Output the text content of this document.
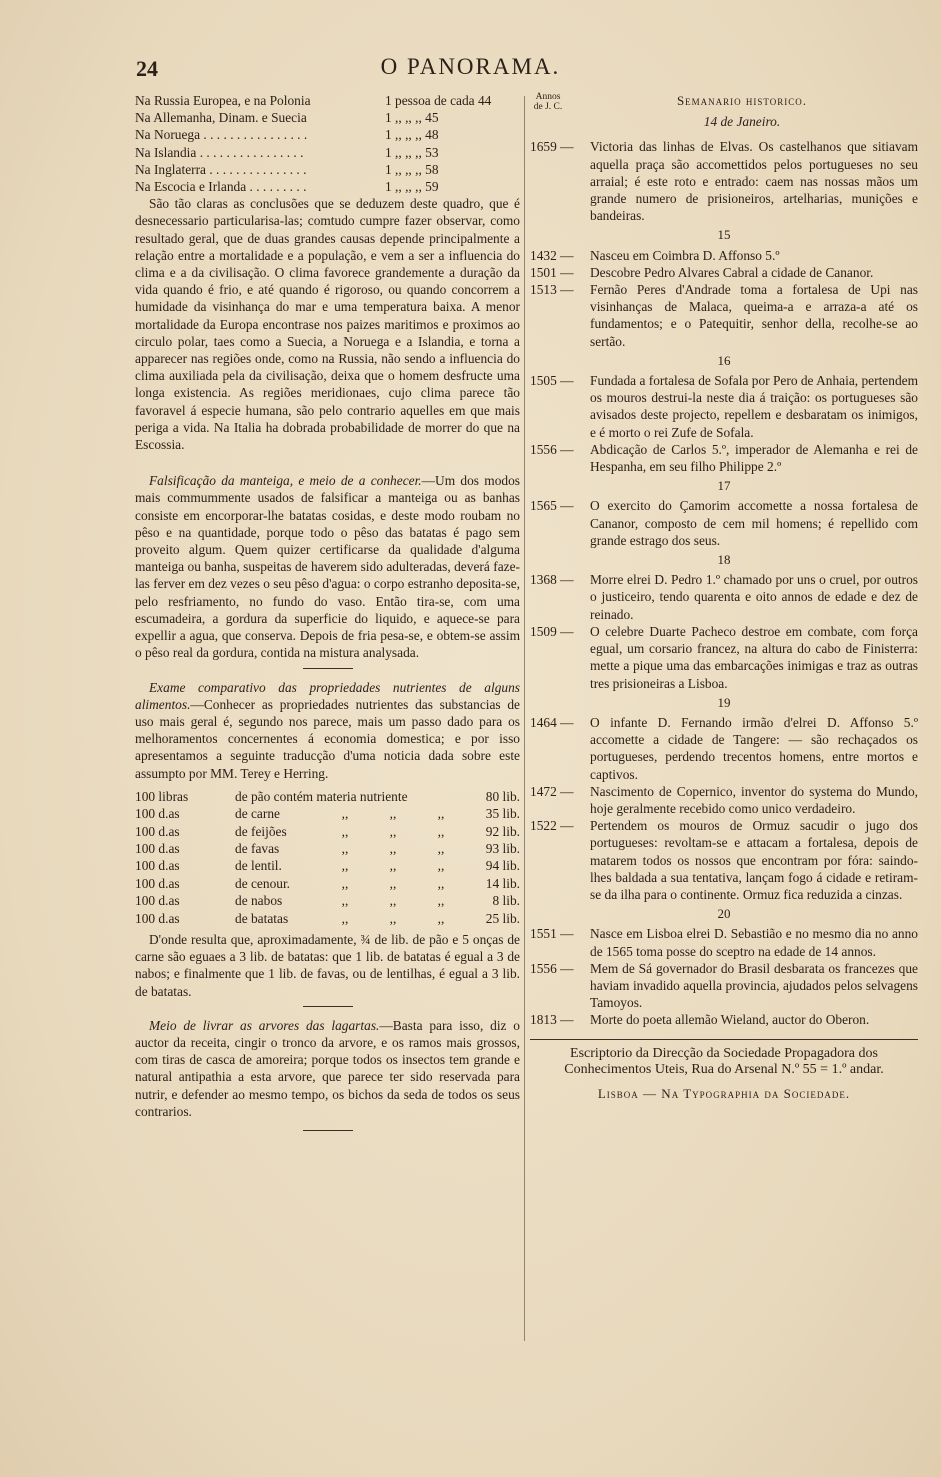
24	O PANORAMA.
Na Russia Europea, e na Polonia	1 pessoa de cada 44
Na Allemanha, Dinam. e Suecia	1 ,, ,, ,, 45
Na Noruega . . . . . . . . . . . . . . . .	1 ,, ,, ,, 48
Na Islandia . . . . . . . . . . . . . . . .	1 ,, ,, ,, 53
Na Inglaterra . . . . . . . . . . . . . . .	1 ,, ,, ,, 58
Na Escocia e Irlanda . . . . . . . . .	1 ,, ,, ,, 59

São tão claras as conclusões que se deduzem deste quadro, que é desnecessario particularisa-las; comtudo cumpre fazer observar, como resultado geral, que de duas grandes causas depende principalmente a relação entre a mortalidade e a população, e vem a ser a influencia do clima e a da civilisação. O clima favorece grandemente a duração da vida quando é frio, e até quando é rigoroso, ou quando concorrem a humidade da visinhança do mar e uma temperatura baixa. A menor mortalidade da Europa encontrase nos paizes maritimos e proximos ao circulo polar, taes como a Suecia, a Noruega e a Islandia, e torna a apparecer nas regiões onde, como na Russia, não sendo a influencia do clima auxiliada pela da civilisação, deixa que o homem desfructe uma longa existencia. As regiões meridionaes, cujo clima parece tão favoravel á especie humana, são pelo contrario aquelles em que mais periga a vida. Na Italia ha dobrada probabilidade de morrer do que na Escossia.

Falsificação da manteiga, e meio de a conhecer.—Um dos modos mais commummente usados de falsificar a manteiga ou as banhas consiste em encorporar-lhe batatas cosidas, e deste modo roubam no pêso e na quantidade, porque todo o pêso das batatas é pago sem proveito algum. Quem quizer certificarse da qualidade d'alguma manteiga ou banha, suspeitas de haverem sido adulteradas, deverá faze-las ferver em dez vezes o seu pêso d'agua: o corpo estranho deposita-se, pelo resfriamento, no fundo do vaso. Então tira-se, com uma escumadeira, a gordura da superficie do liquido, e aquece-se para expellir a agua, que conserva. Depois de fria pesa-se, e obtem-se assim o pêso real da gordura, contida na mistura analysada.

Exame comparativo das propriedades nutrientes de alguns alimentos.—Conhecer as propriedades nutrientes das substancias de uso mais geral é, segundo nos parece, mais um passo dado para os melhoramentos concernentes á economia domestica; e por isso apresentamos a seguinte traducção d'uma noticia dada sobre este assumpto por MM. Terey e Herring.

100 libras	de pão contém materia nutriente				80 lib.
100 d.as	de carne	,,	,,	,,	35 lib.
100 d.as	de feijões	,,	,,	,,	92 lib.
100 d.as	de favas	,,	,,	,,	93 lib.
100 d.as	de lentil.	,,	,,	,,	94 lib.
100 d.as	de cenour.	,,	,,	,,	14 lib.
100 d.as	de nabos	,,	,,	,,	8 lib.
100 d.as	de batatas	,,	,,	,,	25 lib.

D'onde resulta que, aproximadamente, ¾ de lib. de pão e 5 onças de carne são eguaes a 3 lib. de batatas: que 1 lib. de batatas é egual a 3 de nabos; e finalmente que 1 lib. de favas, ou de lentilhas, é egual a 3 lib. de batatas.

Meio de livrar as arvores das lagartas.—Basta para isso, diz o auctor da receita, cingir o tronco da arvore, e os ramos mais grossos, com tiras de casca de amoreira; porque todos os insectos tem grande e natural antipathia a esta arvore, que parece ter sido reservada para nutrir, e defender ao mesmo tempo, os bichos da seda de todos os seus contrarios.

Annos de J. C.	Semanario historico.
14 de Janeiro.
1659 —	Victoria das linhas de Elvas. Os castelhanos que sitiavam aquella praça são accomettidos pelos portugueses no seu arraial; é este roto e entrado: caem nas nossas mãos um grande numero de prisioneiros, artelharias, munições e bandeiras.
15
1432 —	Nasceu em Coimbra D. Affonso 5.º
1501 —	Descobre Pedro Alvares Cabral a cidade de Cananor.
1513 —	Fernão Peres d'Andrade toma a fortalesa de Upi nas visinhanças de Malaca, queima-a e arraza-a até os fundamentos; e o Patequitir, senhor della, recolhe-se ao sertão.
16
1505 —	Fundada a fortalesa de Sofala por Pero de Anhaia, pertendem os mouros destrui-la neste dia á traição: os portugueses são avisados deste projecto, repellem e desbaratam os inimigos, e é morto o rei Zufe de Sofala.
1556 —	Abdicação de Carlos 5.º, imperador de Alemanha e rei de Hespanha, em seu filho Philippe 2.º
17
1565 —	O exercito do Çamorim accomette a nossa fortalesa de Cananor, composto de cem mil homens; é repellido com grande estrago dos seus.
18
1368 —	Morre elrei D. Pedro 1.º chamado por uns o cruel, por outros o justiceiro, tendo quarenta e oito annos de edade e dez de reinado.
1509 —	O celebre Duarte Pacheco destroe em combate, com força egual, um corsario francez, na altura do cabo de Finisterra: mette a pique uma das embarcações inimigas e traz as outras tres prisioneiras a Lisboa.
19
1464 —	O infante D. Fernando irmão d'elrei D. Affonso 5.º accomette a cidade de Tangere: — são rechaçados os portugueses, perdendo trecentos homens, entre mortos e captivos.
1472 —	Nascimento de Copernico, inventor do systema do Mundo, hoje geralmente recebido como unico verdadeiro.
1522 —	Pertendem os mouros de Ormuz sacudir o jugo dos portugueses: revoltam-se e attacam a fortalesa, depois de matarem todos os nossos que encontram por fóra: saindo-lhes baldada a sua tentativa, lançam fogo á cidade e retiram-se da ilha para o continente. Ormuz fica reduzida a cinzas.
20
1551 —	Nasce em Lisboa elrei D. Sebastião e no mesmo dia no anno de 1565 toma posse do sceptro na edade de 14 annos.
1556 —	Mem de Sá governador do Brasil desbarata os francezes que haviam invadido aquella provincia, ajudados pelos selvagens Tamoyos.
1813 —	Morte do poeta allemão Wieland, auctor do Oberon.
Escriptorio da Direcção da Sociedade Propagadora dos Conhecimentos Uteis, Rua do Arsenal N.º 55 = 1.º andar.
Lisboa — Na Typographia da Sociedade.
